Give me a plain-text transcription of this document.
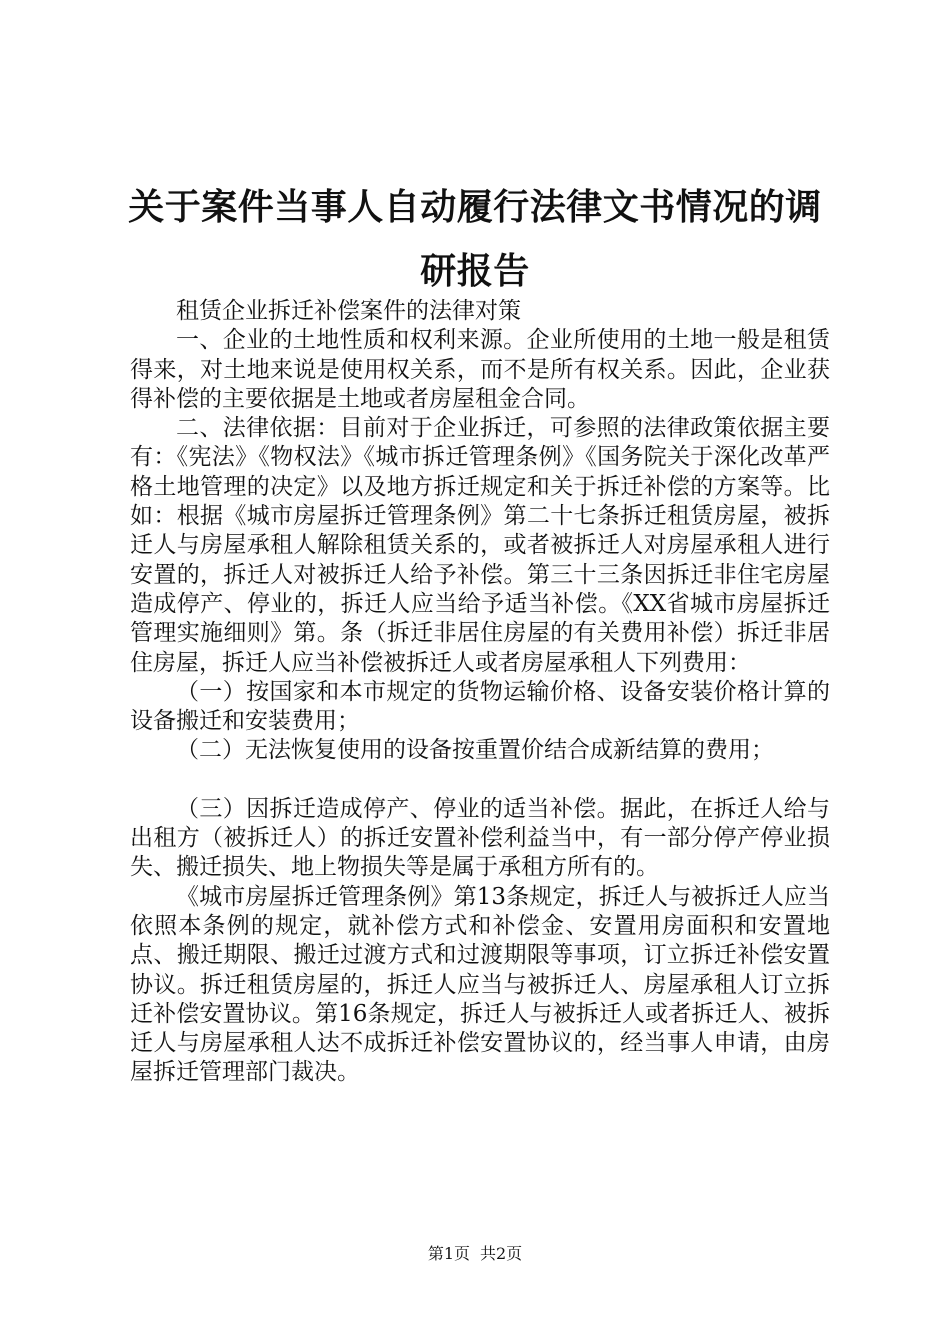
关于案件当事人自动履行法律文书情况的调研报告

租赁企业拆迁补偿案件的法律对策

一、企业的土地性质和权利来源。企业所使用的土地一般是租赁得来，对土地来说是使用权关系，而不是所有权关系。因此，企业获得补偿的主要依据是土地或者房屋租金合同。

二、法律依据：目前对于企业拆迁，可参照的法律政策依据主要有：《宪法》《物权法》《城市拆迁管理条例》《国务院关于深化改革严格土地管理的决定》以及地方拆迁规定和关于拆迁补偿的方案等。比如：根据《城市房屋拆迁管理条例》第二十七条拆迁租赁房屋，被拆迁人与房屋承租人解除租赁关系的，或者被拆迁人对房屋承租人进行安置的，拆迁人对被拆迁人给予补偿。第三十三条因拆迁非住宅房屋造成停产、停业的，拆迁人应当给予适当补偿。《XX省城市房屋拆迁管理实施细则》第。条（拆迁非居住房屋的有关费用补偿）拆迁非居住房屋，拆迁人应当补偿被拆迁人或者房屋承租人下列费用：

（一）按国家和本市规定的货物运输价格、设备安装价格计算的设备搬迁和安装费用；

（二）无法恢复使用的设备按重置价结合成新结算的费用；

（三）因拆迁造成停产、停业的适当补偿。据此，在拆迁人给与出租方（被拆迁人）的拆迁安置补偿利益当中，有一部分停产停业损失、搬迁损失、地上物损失等是属于承租方所有的。

《城市房屋拆迁管理条例》第13条规定，拆迁人与被拆迁人应当依照本条例的规定，就补偿方式和补偿金、安置用房面积和安置地点、搬迁期限、搬迁过渡方式和过渡期限等事项，订立拆迁补偿安置协议。拆迁租赁房屋的，拆迁人应当与被拆迁人、房屋承租人订立拆迁补偿安置协议。第16条规定，拆迁人与被拆迁人或者拆迁人、被拆迁人与房屋承租人达不成拆迁补偿安置协议的，经当事人申请，由房屋拆迁管理部门裁决。

第1页 共2页
